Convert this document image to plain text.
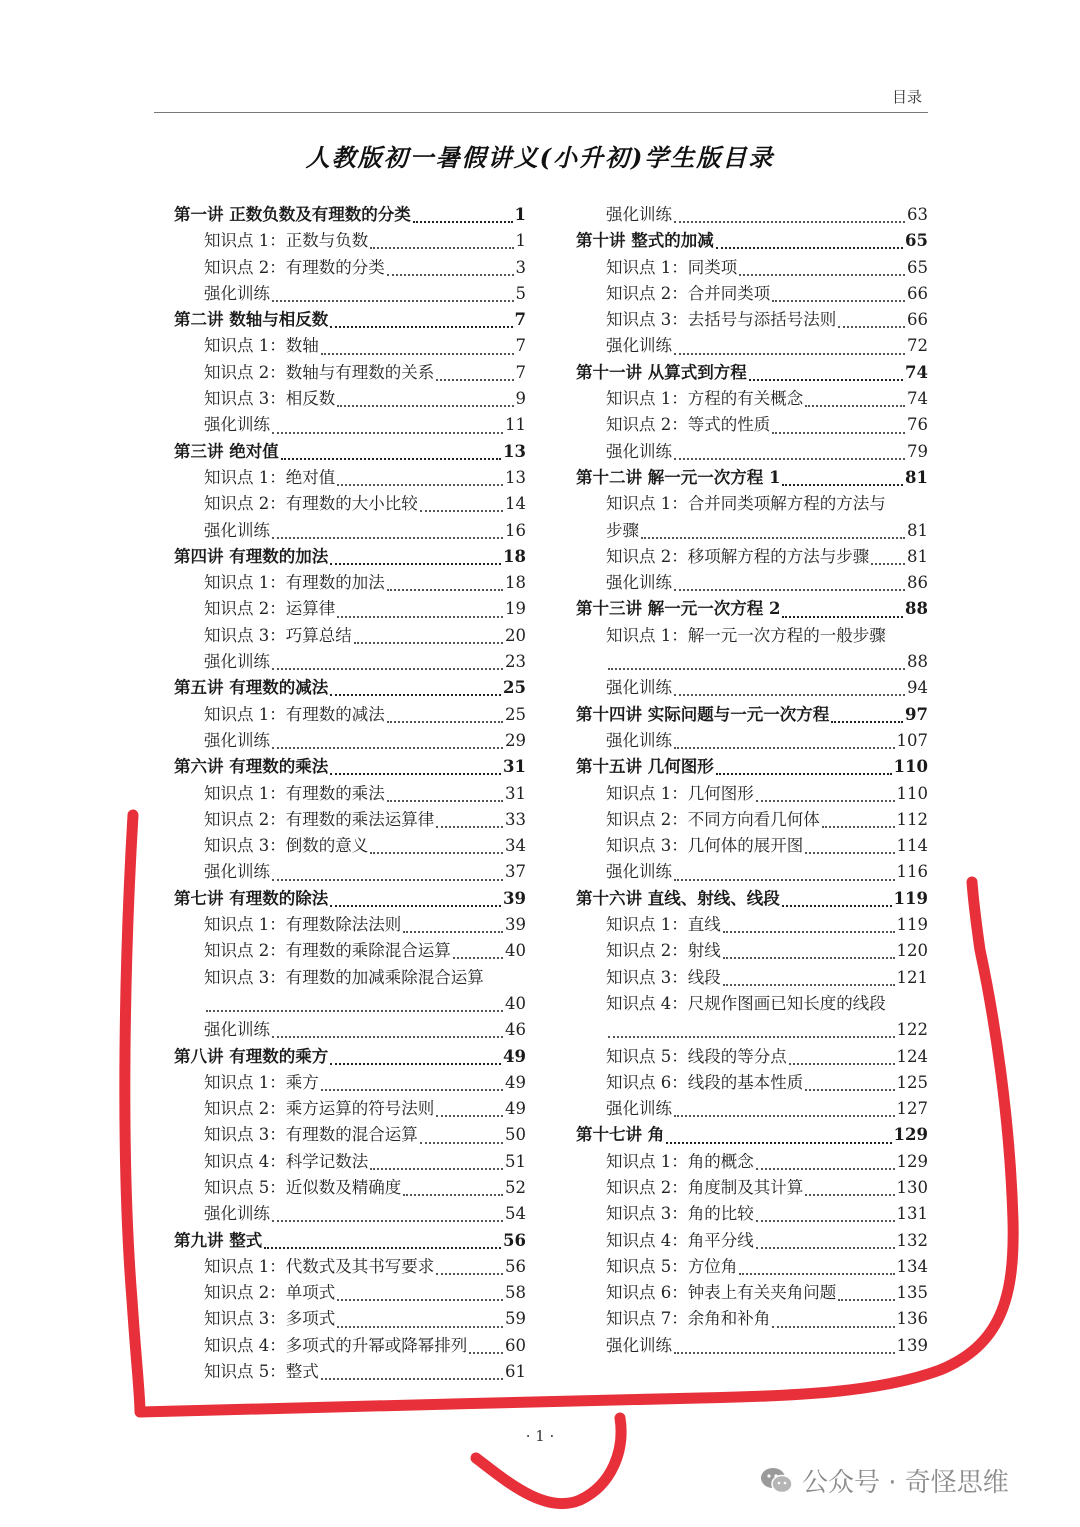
目录
人教版初一暑假讲义(小升初)学生版目录
第一讲 正数负数及有理数的分类	1
知识点 1：正数与负数	1
知识点 2：有理数的分类	3
强化训练	5
第二讲 数轴与相反数	7
知识点 1：数轴	7
知识点 2：数轴与有理数的关系	7
知识点 3：相反数	9
强化训练	11
第三讲 绝对值	13
知识点 1：绝对值	13
知识点 2：有理数的大小比较	14
强化训练	16
第四讲 有理数的加法	18
知识点 1：有理数的加法	18
知识点 2：运算律	19
知识点 3：巧算总结	20
强化训练	23
第五讲 有理数的减法	25
知识点 1：有理数的减法	25
强化训练	29
第六讲 有理数的乘法	31
知识点 1：有理数的乘法	31
知识点 2：有理数的乘法运算律	33
知识点 3：倒数的意义	34
强化训练	37
第七讲 有理数的除法	39
知识点 1：有理数除法法则	39
知识点 2：有理数的乘除混合运算	40
知识点 3：有理数的加减乘除混合运算
40
强化训练	46
第八讲 有理数的乘方	49
知识点 1：乘方	49
知识点 2：乘方运算的符号法则	49
知识点 3：有理数的混合运算	50
知识点 4：科学记数法	51
知识点 5：近似数及精确度	52
强化训练	54
第九讲 整式	56
知识点 1：代数式及其书写要求	56
知识点 2：单项式	58
知识点 3：多项式	59
知识点 4：多项式的升幂或降幂排列 60
知识点 5：整式	61
强化训练	63
第十讲 整式的加减	65
知识点 1：同类项	65
知识点 2：合并同类项	66
知识点 3：去括号与添括号法则	66
强化训练	72
第十一讲 从算式到方程	74
知识点 1：方程的有关概念	74
知识点 2：等式的性质	76
强化训练	79
第十二讲 解一元一次方程 1	81
知识点 1：合并同类项解方程的方法与
步骤	81
知识点 2：移项解方程的方法与步骤 81
强化训练	86
第十三讲 解一元一次方程 2	88
知识点 1：解一元一次方程的一般步骤
88
强化训练	94
第十四讲 实际问题与一元一次方程	97
强化训练	107
第十五讲 几何图形	110
知识点 1：几何图形	110
知识点 2：不同方向看几何体	112
知识点 3：几何体的展开图	114
强化训练	116
第十六讲 直线、射线、线段	119
知识点 1：直线	119
知识点 2：射线	120
知识点 3：线段	121
知识点 4：尺规作图画已知长度的线段
122
知识点 5：线段的等分点	124
知识点 6：线段的基本性质	125
强化训练	127
第十七讲 角	129
知识点 1：角的概念	129
知识点 2：角度制及其计算	130
知识点 3：角的比较	131
知识点 4：角平分线	132
知识点 5：方位角	134
知识点 6：钟表上有关夹角问题	135
知识点 7：余角和补角	136
强化训练	139
· 1 ·
公众号 · 奇怪思维
